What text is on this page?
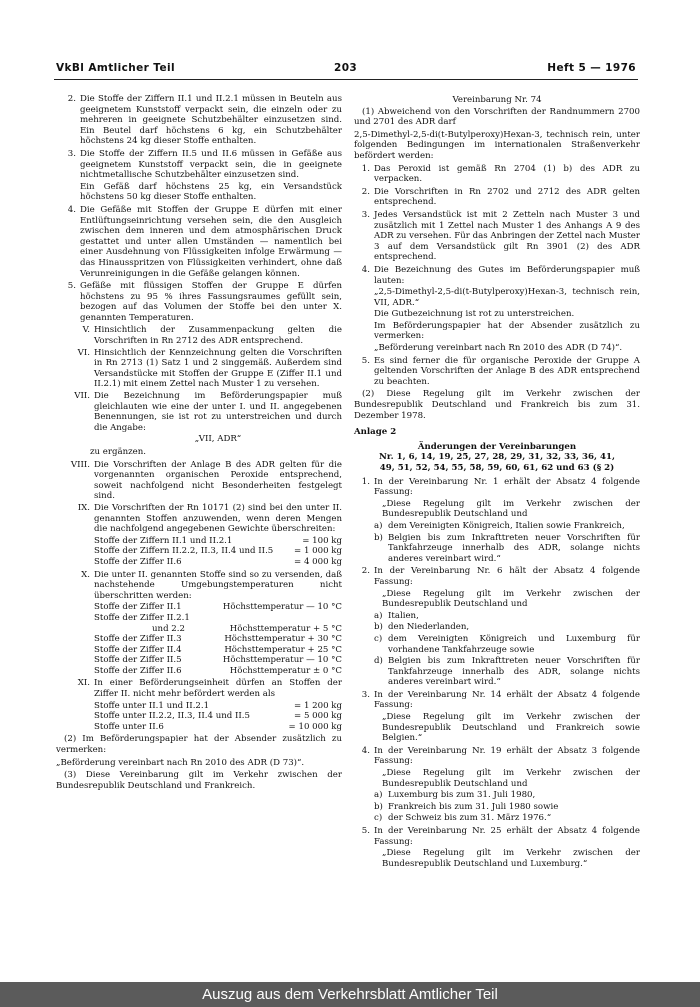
VkBl Amtlicher Teil	203	Heft 5 — 1976
2. Die Stoffe der Ziffern II.1 und II.2.1 müssen in Beuteln aus geeignetem Kunststoff verpackt sein, die einzeln oder zu mehreren in geeignete Schutzbehälter einzusetzen sind. Ein Beutel darf höchstens 6 kg, ein Schutzbehälter höchstens 24 kg dieser Stoffe enthalten.

3. Die Stoffe der Ziffern II.5 und II.6 müssen in Gefäße aus geeignetem Kunststoff verpackt sein, die in geeignete nichtmetallische Schutzbehälter einzusetzen sind.

Ein Gefäß darf höchstens 25 kg, ein Versandstück höchstens 50 kg dieser Stoffe enthalten.

4. Die Gefäße mit Stoffen der Gruppe E dürfen mit einer Entlüftungseinrichtung versehen sein, die den Ausgleich zwischen dem inneren und dem atmosphärischen Druck gestattet und unter allen Umständen — namentlich bei einer Ausdehnung von Flüssigkeiten infolge Erwärmung — das Hinausspritzen von Flüssigkeiten verhindert, ohne daß Verunreinigungen in die Gefäße gelangen können.

5. Gefäße mit flüssigen Stoffen der Gruppe E dürfen höchstens zu 95 % ihres Fassungsraumes gefüllt sein, bezogen auf das Volumen der Stoffe bei den unter X. genannten Temperaturen.

V. Hinsichtlich der Zusammenpackung gelten die Vorschriften in Rn 2712 des ADR entsprechend.
VI. Hinsichtlich der Kennzeichnung gelten die Vorschriften in Rn 2713 (1) Satz 1 und 2 singgemäß. Außerdem sind Versandstücke mit Stoffen der Gruppe E (Ziffer II.1 und II.2.1) mit einem Zettel nach Muster 1 zu versehen.
VII. Die Bezeichnung im Beförderungspapier muß gleichlauten wie eine der unter I. und II. angegebenen Benennungen, sie ist rot zu unterstreichen und durch die Angabe:

„VII, ADR“

zu ergänzen.

VIII. Die Vorschriften der Anlage B des ADR gelten für die vorgenannten organischen Peroxide entsprechend, soweit nachfolgend nicht Besonderheiten festgelegt sind.
IX. Die Vorschriften der Rn 10171 (2) sind bei den unter II. genannten Stoffen anzuwenden, wenn deren Mengen die nachfolgend angegebenen Gewichte überschreiten:

Stoffe der Ziffern II.1 und II.2.1	= 100 kg
Stoffe der Ziffern II.2.2, II.3, II.4 und II.5	= 1 000 kg
Stoffe der Ziffer II.6	= 4 000 kg
X. Die unter II. genannten Stoffe sind so zu versenden, daß nachstehende Umgebungstemperaturen nicht überschritten werden:

Stoffe der Ziffer II.1	Höchsttemperatur — 10 °C
Stoffe der Ziffer II.2.1	
und 2.2	Höchsttemperatur + 5 °C
Stoffe der Ziffer II.3	Höchsttemperatur + 30 °C
Stoffe der Ziffer II.4	Höchsttemperatur + 25 °C
Stoffe der Ziffer II.5	Höchsttemperatur — 10 °C
Stoffe der Ziffer II.6	Höchsttemperatur ± 0 °C
XI. In einer Beförderungseinheit dürfen an Stoffen der Ziffer II. nicht mehr befördert werden als

Stoffe unter II.1 und II.2.1	= 1 200 kg
Stoffe unter II.2.2, II.3, II.4 und II.5	= 5 000 kg
Stoffe unter II.6	= 10 000 kg

(2) Im Beförderungspapier hat der Absender zusätzlich zu vermerken:

„Beförderung vereinbart nach Rn 2010 des ADR (D 73)“.

(3) Diese Vereinbarung gilt im Verkehr zwischen der Bundesrepublik Deutschland und Frankreich.

Vereinbarung Nr. 74

(1) Abweichend von den Vorschriften der Randnummern 2700 und 2701 des ADR darf

2,5-Dimethyl-2,5-di(t-Butylperoxy)Hexan-3, technisch rein, unter folgenden Bedingungen im internationalen Straßenverkehr befördert werden:

1. Das Peroxid ist gemäß Rn 2704 (1) b) des ADR zu verpacken.

2. Die Vorschriften in Rn 2702 und 2712 des ADR gelten entsprechend.

3. Jedes Versandstück ist mit 2 Zetteln nach Muster 3 und zusätzlich mit 1 Zettel nach Muster 1 des Anhangs A 9 des ADR zu versehen. Für das Anbringen der Zettel nach Muster 3 auf dem Versandstück gilt Rn 3901 (2) des ADR entsprechend.

4. Die Bezeichnung des Gutes im Beförderungspapier muß lauten:

„2,5-Dimethyl-2,5-di(t-Butylperoxy)Hexan-3, technisch rein, VII, ADR.“

Die Gutbezeichnung ist rot zu unterstreichen.

Im Beförderungspapier hat der Absender zusätzlich zu vermerken:

„Beförderung vereinbart nach Rn 2010 des ADR (D 74)“.

5. Es sind ferner die für organische Peroxide der Gruppe A geltenden Vorschriften der Anlage B des ADR entsprechend zu beachten.

(2) Diese Regelung gilt im Verkehr zwischen der Bundesrepublik Deutschland und Frankreich bis zum 31. Dezember 1978.

Anlage 2

Änderungen der Vereinbarungen

Nr. 1, 6, 14, 19, 25, 27, 28, 29, 31, 32, 33, 36, 41, 49, 51, 52, 54, 55, 58, 59, 60, 61, 62 und 63 (§ 2)

1. In der Vereinbarung Nr. 1 erhält der Absatz 4 folgende Fassung:

„Diese Regelung gilt im Verkehr zwischen der Bundesrepublik Deutschland und

a) dem Vereinigten Königreich, Italien sowie Frankreich,
b) Belgien bis zum Inkrafttreten neuer Vorschriften für Tankfahrzeuge innerhalb des ADR, solange nichts anderes vereinbart wird.“
2. In der Vereinbarung Nr. 6 hält der Absatz 4 folgende Fassung:

„Diese Regelung gilt im Verkehr zwischen der Bundesrepublik Deutschland und

a) Italien,
b) den Niederlanden,
c) dem Vereinigten Königreich und Luxemburg für vorhandene Tankfahrzeuge sowie
d) Belgien bis zum Inkrafttreten neuer Vorschriften für Tankfahrzeuge innerhalb des ADR, solange nichts anderes vereinbart wird.“
3. In der Vereinbarung Nr. 14 erhält der Absatz 4 folgende Fassung:

„Diese Regelung gilt im Verkehr zwischen der Bundesrepublik Deutschland und Frankreich sowie Belgien.“

4. In der Vereinbarung Nr. 19 erhält der Absatz 3 folgende Fassung:

„Diese Regelung gilt im Verkehr zwischen der Bundesrepublik Deutschland und

a) Luxemburg bis zum 31. Juli 1980,
b) Frankreich bis zum 31. Juli 1980 sowie
c) der Schweiz bis zum 31. März 1976.“
5. In der Vereinbarung Nr. 25 erhält der Absatz 4 folgende Fassung:

„Diese Regelung gilt im Verkehr zwischen der Bundesrepublik Deutschland und Luxemburg.“

Auszug aus dem Verkehrsblatt Amtlicher Teil
